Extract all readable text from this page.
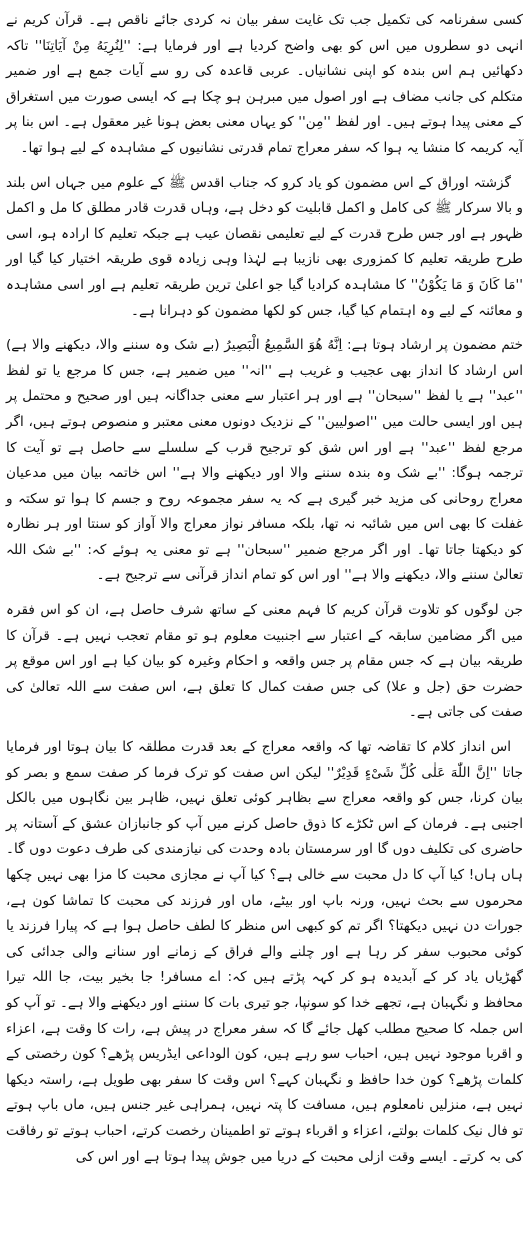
کسی سفرنامہ کی تکمیل جب تک غایت سفر بیان نہ کردی جائے ناقص ہے۔ قرآن کریم نے انہی دو سطروں میں اس کو بھی واضح کردیا ہے اور فرمایا ہے: ''لِنُرِيَهُ مِنْ آيَاتِنَا'' تاکہ دکھائیں ہم اس بندہ کو اپنی نشانیاں۔ عربی قاعدہ کی رو سے آیات جمع ہے اور ضمیر متکلم کی جانب مضاف ہے اور اصول میں مبرہن ہو چکا ہے کہ ایسی صورت میں استغراق کے معنی پیدا ہوتے ہیں۔ اور لفظ ''مِن'' کو یہاں معنی بعض ہونا غیر معقول ہے۔ اس بنا پر آیہ کریمہ کا منشا یہ ہوا کہ سفر معراج تمام قدرتی نشانیوں کے مشاہدہ کے لیے ہوا تھا۔

گزشتہ اوراق کے اس مضمون کو یاد کرو کہ جناب اقدس ﷺ کے علوم میں جہاں اس بلند و بالا سرکار ﷺ کی کامل و اکمل قابلیت کو دخل ہے، وہاں قدرت قادر مطلق کا مل و اکمل ظہور ہے اور جس طرح قدرت کے لیے تعلیمی نقصان عیب ہے جبکہ تعلیم کا ارادہ ہو، اسی طرح طریقہ تعلیم کا کمزوری بھی نازیبا ہے لہٰذا وہی زیادہ قوی طریقہ اختیار کیا گیا اور ''مَا کَانَ وَ مَا یَکُوْنُ'' کا مشاہدہ کرادیا گیا جو اعلیٰ ترین طریقہ تعلیم ہے اور اسی مشاہدہ و معائنہ کے لیے وہ اہتمام کیا گیا، جس کو لکھا مضمون کو دہرانا ہے۔

ختم مضمون پر ارشاد ہوتا ہے: اِنَّهُ هُوَ السَّمِيعُ الْبَصِيرُ (بے شک وہ سننے والا، دیکھنے والا ہے) اس ارشاد کا انداز بھی عجیب و غریب ہے ''انہ'' میں ضمیر ہے، جس کا مرجع یا تو لفظ ''عبد'' ہے یا لفظ ''سبحان'' ہے اور ہر اعتبار سے معنی جداگانہ ہیں اور صحیح و محتمل پر ہیں اور ایسی حالت میں ''اصولیین'' کے نزدیک دونوں معنی معتبر و منصوص ہوتے ہیں، اگر مرجع لفظ ''عبد'' ہے اور اس شق کو ترجیح قرب کے سلسلے سے حاصل ہے تو آیت کا ترجمہ ہوگا: ''بے شک وہ بندہ سننے والا اور دیکھنے والا ہے'' اس خاتمہ بیان میں مدعیان معراج روحانی کی مزید خبر گیری ہے کہ یہ سفر مجموعہ روح و جسم کا ہوا تو سکتہ و غفلت کا بھی اس میں شائبہ نہ تھا، بلکہ مسافر نواز معراج والا آواز کو سنتا اور ہر نظارہ کو دیکھتا جاتا تھا۔ اور اگر مرجع ضمیر ''سبحان'' ہے تو معنی یہ ہوئے کہ: ''بے شک اللہ تعالیٰ سننے والا، دیکھنے والا ہے'' اور اس کو تمام انداز قرآنی سے ترجیح ہے۔

جن لوگوں کو تلاوت قرآن کریم کا فہم معنی کے ساتھ شرف حاصل ہے، ان کو اس فقرہ میں اگر مضامین سابقہ کے اعتبار سے اجنبیت معلوم ہو تو مقام تعجب نہیں ہے۔ قرآن کا طریقہ بیان ہے کہ جس مقام پر جس واقعہ و احکام وغیرہ کو بیان کیا ہے اور اس موقع پر حضرت حق (جل و علا) کی جس صفت کمال کا تعلق ہے، اس صفت سے اللہ تعالیٰ کی صفت کی جاتی ہے۔

اس انداز کلام کا تقاضہ تھا کہ واقعہ معراج کے بعد قدرت مطلقہ کا بیان ہوتا اور فرمایا جاتا ''اِنَّ اللّٰهَ عَلٰی كُلِّ شَیْءٍ قَدِیْرٌ'' لیکن اس صفت کو ترک فرما کر صفت سمع و بصر کو بیان کرنا، جس کو واقعہ معراج سے بظاہر کوئی تعلق نہیں، ظاہر بین نگاہوں میں بالکل اجنبی ہے۔ فرمان کے اس ٹکڑے کا ذوق حاصل کرنے میں آپ کو جانبازان عشق کے آستانہ پر حاضری کی تکلیف دوں گا اور سرمستان بادہ وحدت کی نیازمندی کی طرف دعوت دوں گا۔ ہاں ہاں! کیا آپ کا دل محبت سے خالی ہے؟ کیا آپ نے مجازی محبت کا مزا بھی نہیں چکھا محرموں سے بحث نہیں، ورنہ باپ اور بیٹے، ماں اور فرزند کی محبت کا تماشا کون ہے، جورات دن نہیں دیکھتا؟ اگر تم کو کبھی اس منظر کا لطف حاصل ہوا ہے کہ پیارا فرزند یا کوئی محبوب سفر کر رہا ہے اور چلنے والے فراق کے زمانے اور سنانے والی جدائی کی گھڑیاں یاد کر کے آبدیدہ ہو کر کہہ پڑتے ہیں کہ: اے مسافر! جا بخیر بیت، جا اللہ تیرا محافظ و نگہبان ہے، تجھے خدا کو سونپا، جو تیری بات کا سننے اور دیکھنے والا ہے۔ تو آپ کو اس جملہ کا صحیح مطلب کھل جائے گا کہ سفر معراج در پیش ہے، رات کا وقت ہے، اعزاء و اقربا موجود نہیں ہیں، احباب سو رہے ہیں، کون الوداعی ایڈریس پڑھے؟ کون رخصتی کے کلمات پڑھے؟ کون خدا حافظ و نگہبان کہے؟ اس وقت کا سفر بھی طویل ہے، راستہ دیکھا نہیں ہے، منزلیں نامعلوم ہیں، مسافت کا پتہ نہیں، ہمراہی غیر جنس ہیں، ماں باپ ہوتے تو فال نیک کلمات بولتے، اعزاء و اقرباء ہوتے تو اطمینان رخصت کرتے، احباب ہوتے تو رفاقت کی بہ کرتے۔ ایسے وقت ازلی محبت کے دریا میں جوش پیدا ہوتا ہے اور اس کی
